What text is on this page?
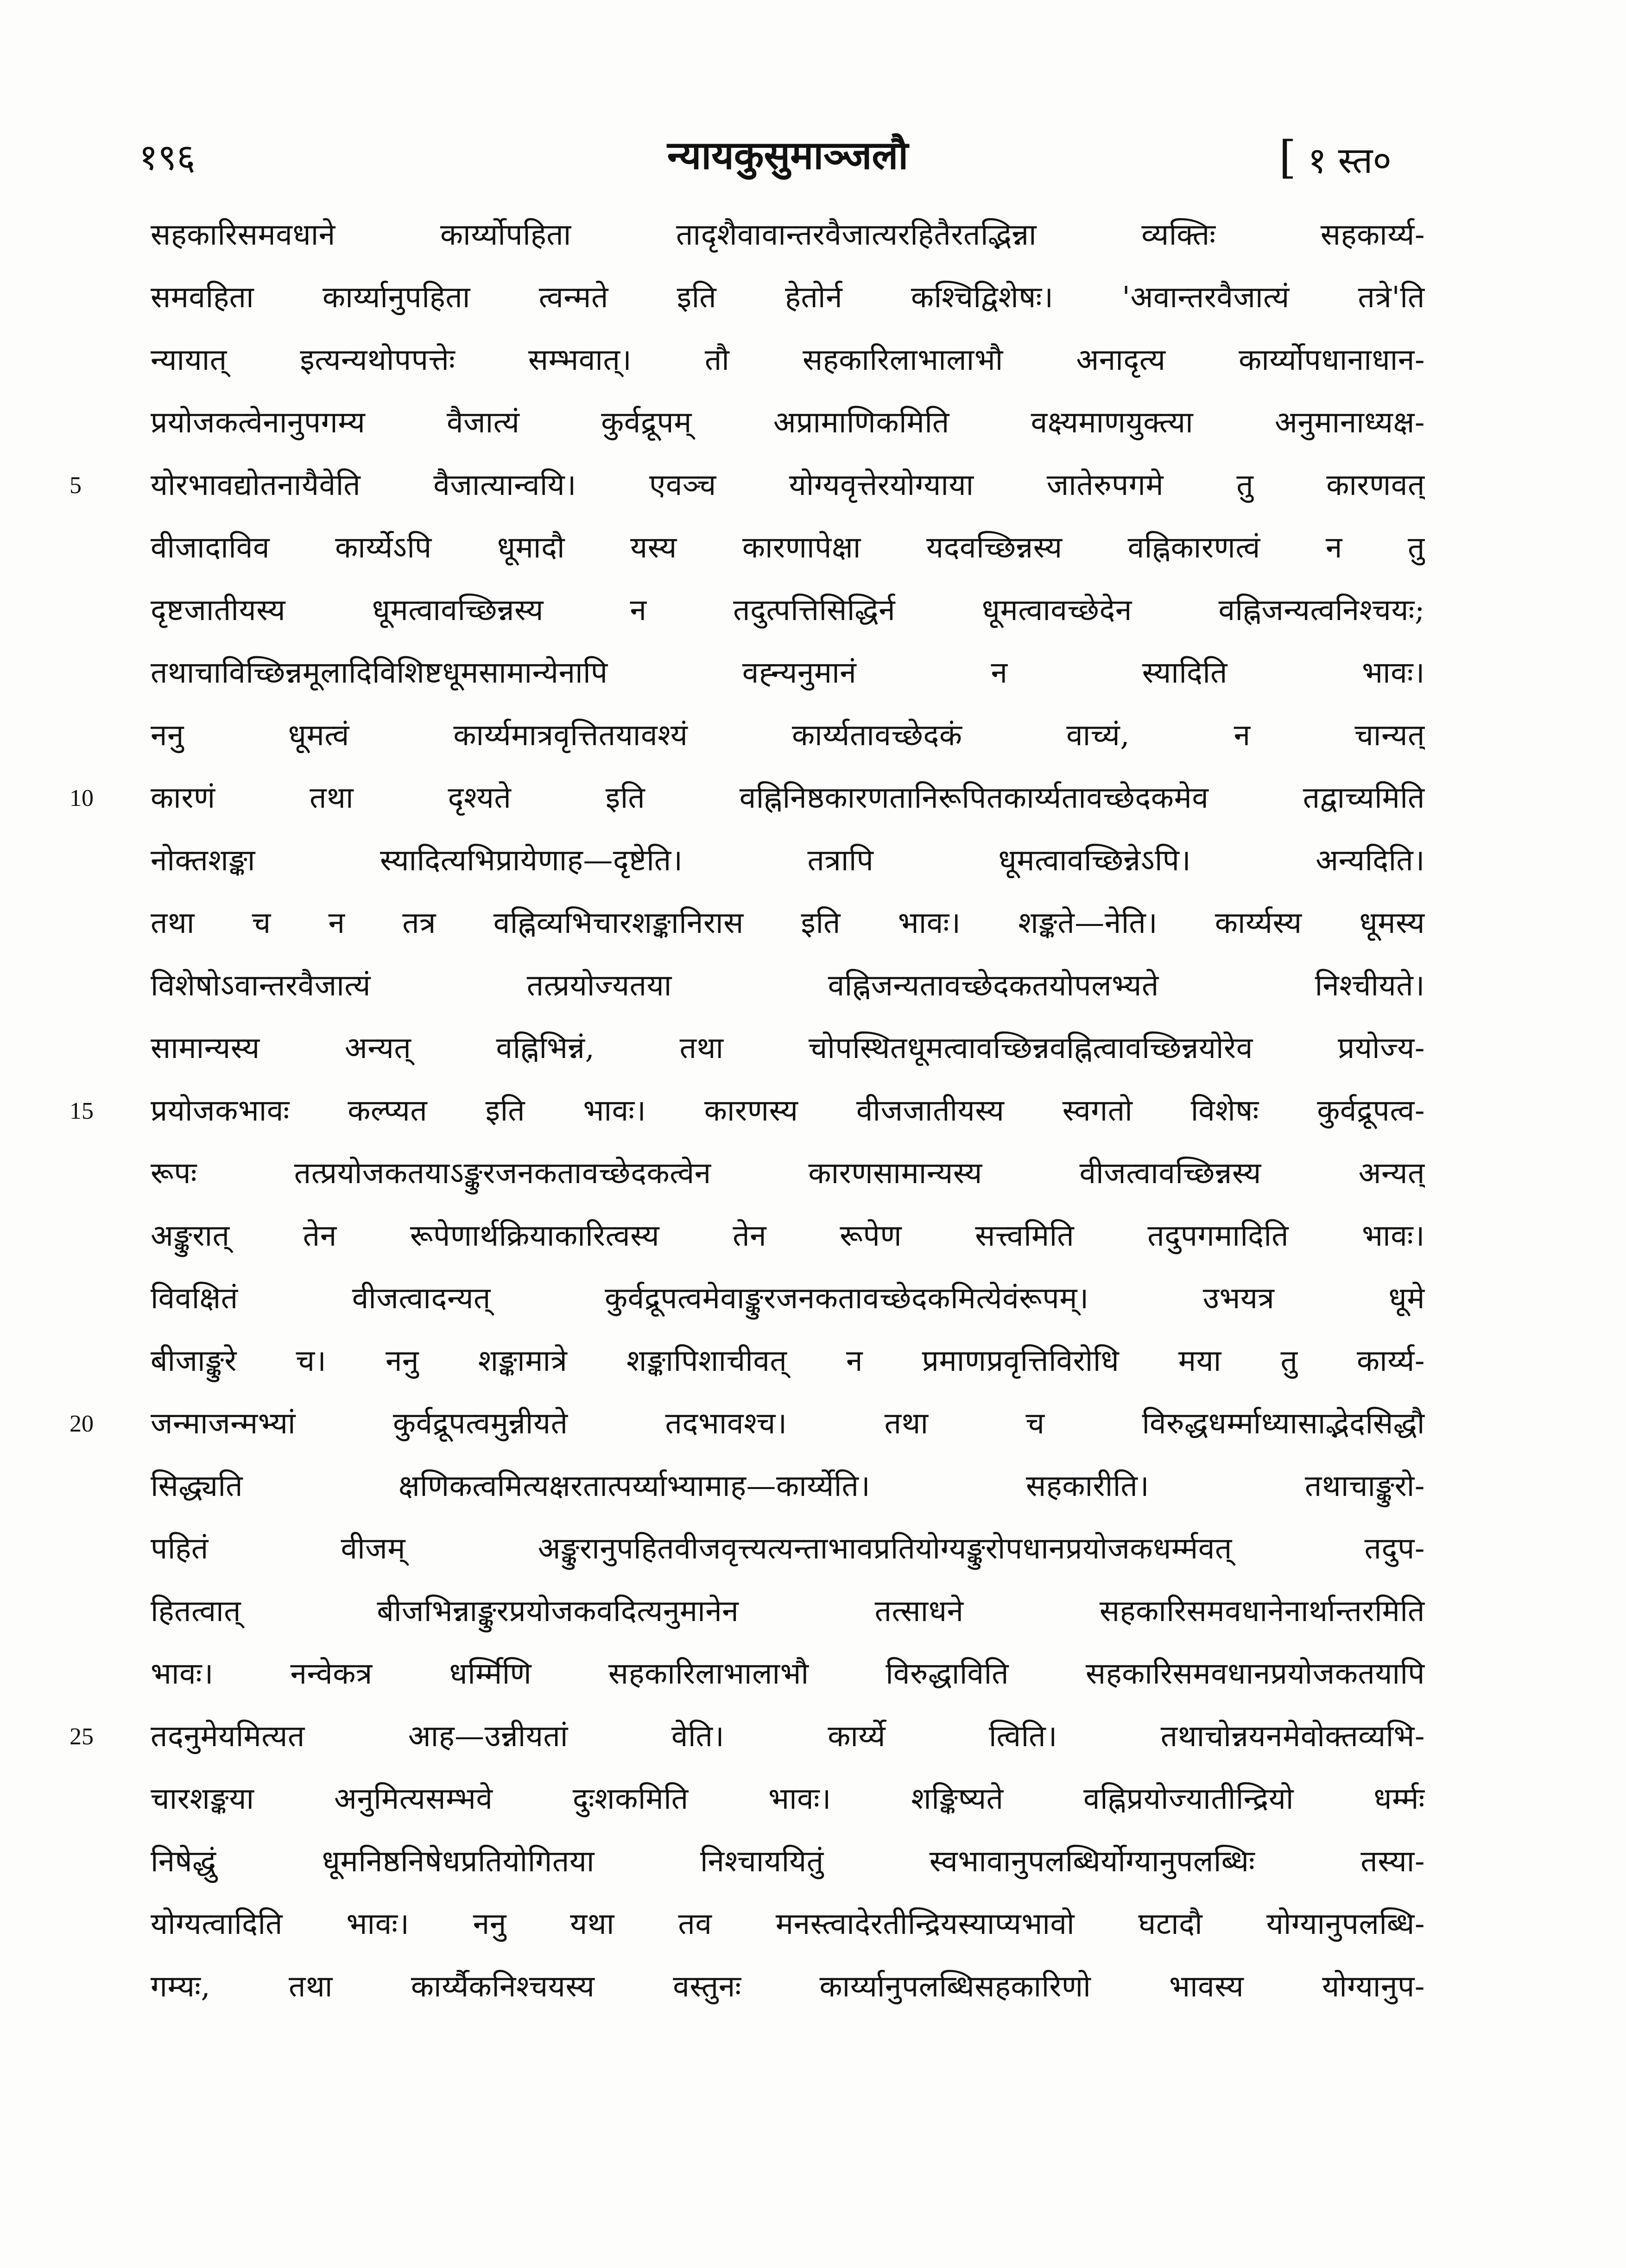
१९६	न्यायकुसुमाञ्जलौ	[ १ स्त०
सहकारिसमवधाने कार्य्योपहिता तादृशैवावान्तरवैजात्यरहितैरतद्भिन्ना व्यक्तिः सहकार्य्य-
समवहिता कार्य्यानुपहिता त्वन्मते इति हेतोर्न कश्चिद्विशेषः। 'अवान्तरवैजात्यं तत्रे'ति
न्यायात् इत्यन्यथोपपत्तेः सम्भवात्। तौ सहकारिलाभालाभौ अनादृत्य कार्य्योपधानाधान-
प्रयोजकत्वेनानुपगम्य वैजात्यं कुर्वद्रूपम् अप्रामाणिकमिति वक्ष्यमाणयुक्त्या अनुमानाध्यक्ष-
5	योरभावद्योतनायैवेति वैजात्यान्वयि। एवञ्च योग्यवृत्तेरयोग्याया जातेरुपगमे तु कारणवत्
वीजादाविव कार्य्येऽपि धूमादौ यस्य कारणापेक्षा यदवच्छिन्नस्य वह्निकारणत्वं न तु
दृष्टजातीयस्य धूमत्वावच्छिन्नस्य न तदुत्पत्तिसिद्धिर्न धूमत्वावच्छेदेन वह्निजन्यत्वनिश्चयः;
तथाचाविच्छिन्नमूलादिविशिष्टधूमसामान्येनापि वह्न्यनुमानं न स्यादिति भावः।
ननु धूमत्वं कार्य्यमात्रवृत्तितयावश्यं कार्य्यतावच्छेदकं वाच्यं, न चान्यत्
10	कारणं तथा दृश्यते इति वह्निनिष्ठकारणतानिरूपितकार्य्यतावच्छेदकमेव तद्वाच्यमिति
नोक्तशङ्का स्यादित्यभिप्रायेणाह—दृष्टेति। तत्रापि धूमत्वावच्छिन्नेऽपि। अन्यदिति।
तथा च न तत्र वह्निव्यभिचारशङ्कानिरास इति भावः। शङ्कते—नेति। कार्य्यस्य धूमस्य
विशेषोऽवान्तरवैजात्यं तत्प्रयोज्यतया वह्निजन्यतावच्छेदकतयोपलभ्यते निश्चीयते।
सामान्यस्य अन्यत् वह्निभिन्नं, तथा चोपस्थितधूमत्वावच्छिन्नवह्नित्वावच्छिन्नयोरेव प्रयोज्य-
15	प्रयोजकभावः कल्प्यत इति भावः। कारणस्य वीजजातीयस्य स्वगतो विशेषः कुर्वद्रूपत्व-
रूपः तत्प्रयोजकतयाऽङ्कुरजनकतावच्छेदकत्वेन कारणसामान्यस्य वीजत्वावच्छिन्नस्य अन्यत्
अङ्कुरात् तेन रूपेणार्थक्रियाकारित्वस्य तेन रूपेण सत्त्वमिति तदुपगमादिति भावः।
विवक्षितं वीजत्वादन्यत् कुर्वद्रूपत्वमेवाङ्कुरजनकतावच्छेदकमित्येवंरूपम्। उभयत्र धूमे
बीजाङ्कुरे च। ननु शङ्कामात्रे शङ्कापिशाचीवत् न प्रमाणप्रवृत्तिविरोधि मया तु कार्य्य-
20	जन्माजन्मभ्यां कुर्वद्रूपत्वमुन्नीयते तदभावश्च। तथा च विरुद्धधर्म्माध्यासाद्भेदसिद्धौ
सिद्ध्यति क्षणिकत्वमित्यक्षरतात्पर्य्याभ्यामाह—कार्य्येति। सहकारीति। तथाचाङ्कुरो-
पहितं वीजम् अङ्कुरानुपहितवीजवृत्त्यत्यन्ताभावप्रतियोग्यङ्कुरोपधानप्रयोजकधर्म्मवत् तदुप-
हितत्वात् बीजभिन्नाङ्कुरप्रयोजकवदित्यनुमानेन तत्साधने सहकारिसमवधानेनार्थान्तरमिति
भावः। नन्वेकत्र धर्म्मिणि सहकारिलाभालाभौ विरुद्धाविति सहकारिसमवधानप्रयोजकतयापि
25	तदनुमेयमित्यत आह—उन्नीयतां वेति। कार्य्ये त्विति। तथाचोन्नयनमेवोक्तव्यभि-
चारशङ्कया अनुमित्यसम्भवे दुःशकमिति भावः। शङ्किष्यते वह्निप्रयोज्यातीन्द्रियो धर्म्मः
निषेद्धुं धूमनिष्ठनिषेधप्रतियोगितया निश्चाययितुं स्वभावानुपलब्धिर्योग्यानुपलब्धिः तस्या-
योग्यत्वादिति भावः। ननु यथा तव मनस्त्वादेरतीन्द्रियस्याप्यभावो घटादौ योग्यानुपलब्धि-
गम्यः, तथा कार्य्यैकनिश्चयस्य वस्तुनः कार्य्यानुपलब्धिसहकारिणो भावस्य योग्यानुप-
